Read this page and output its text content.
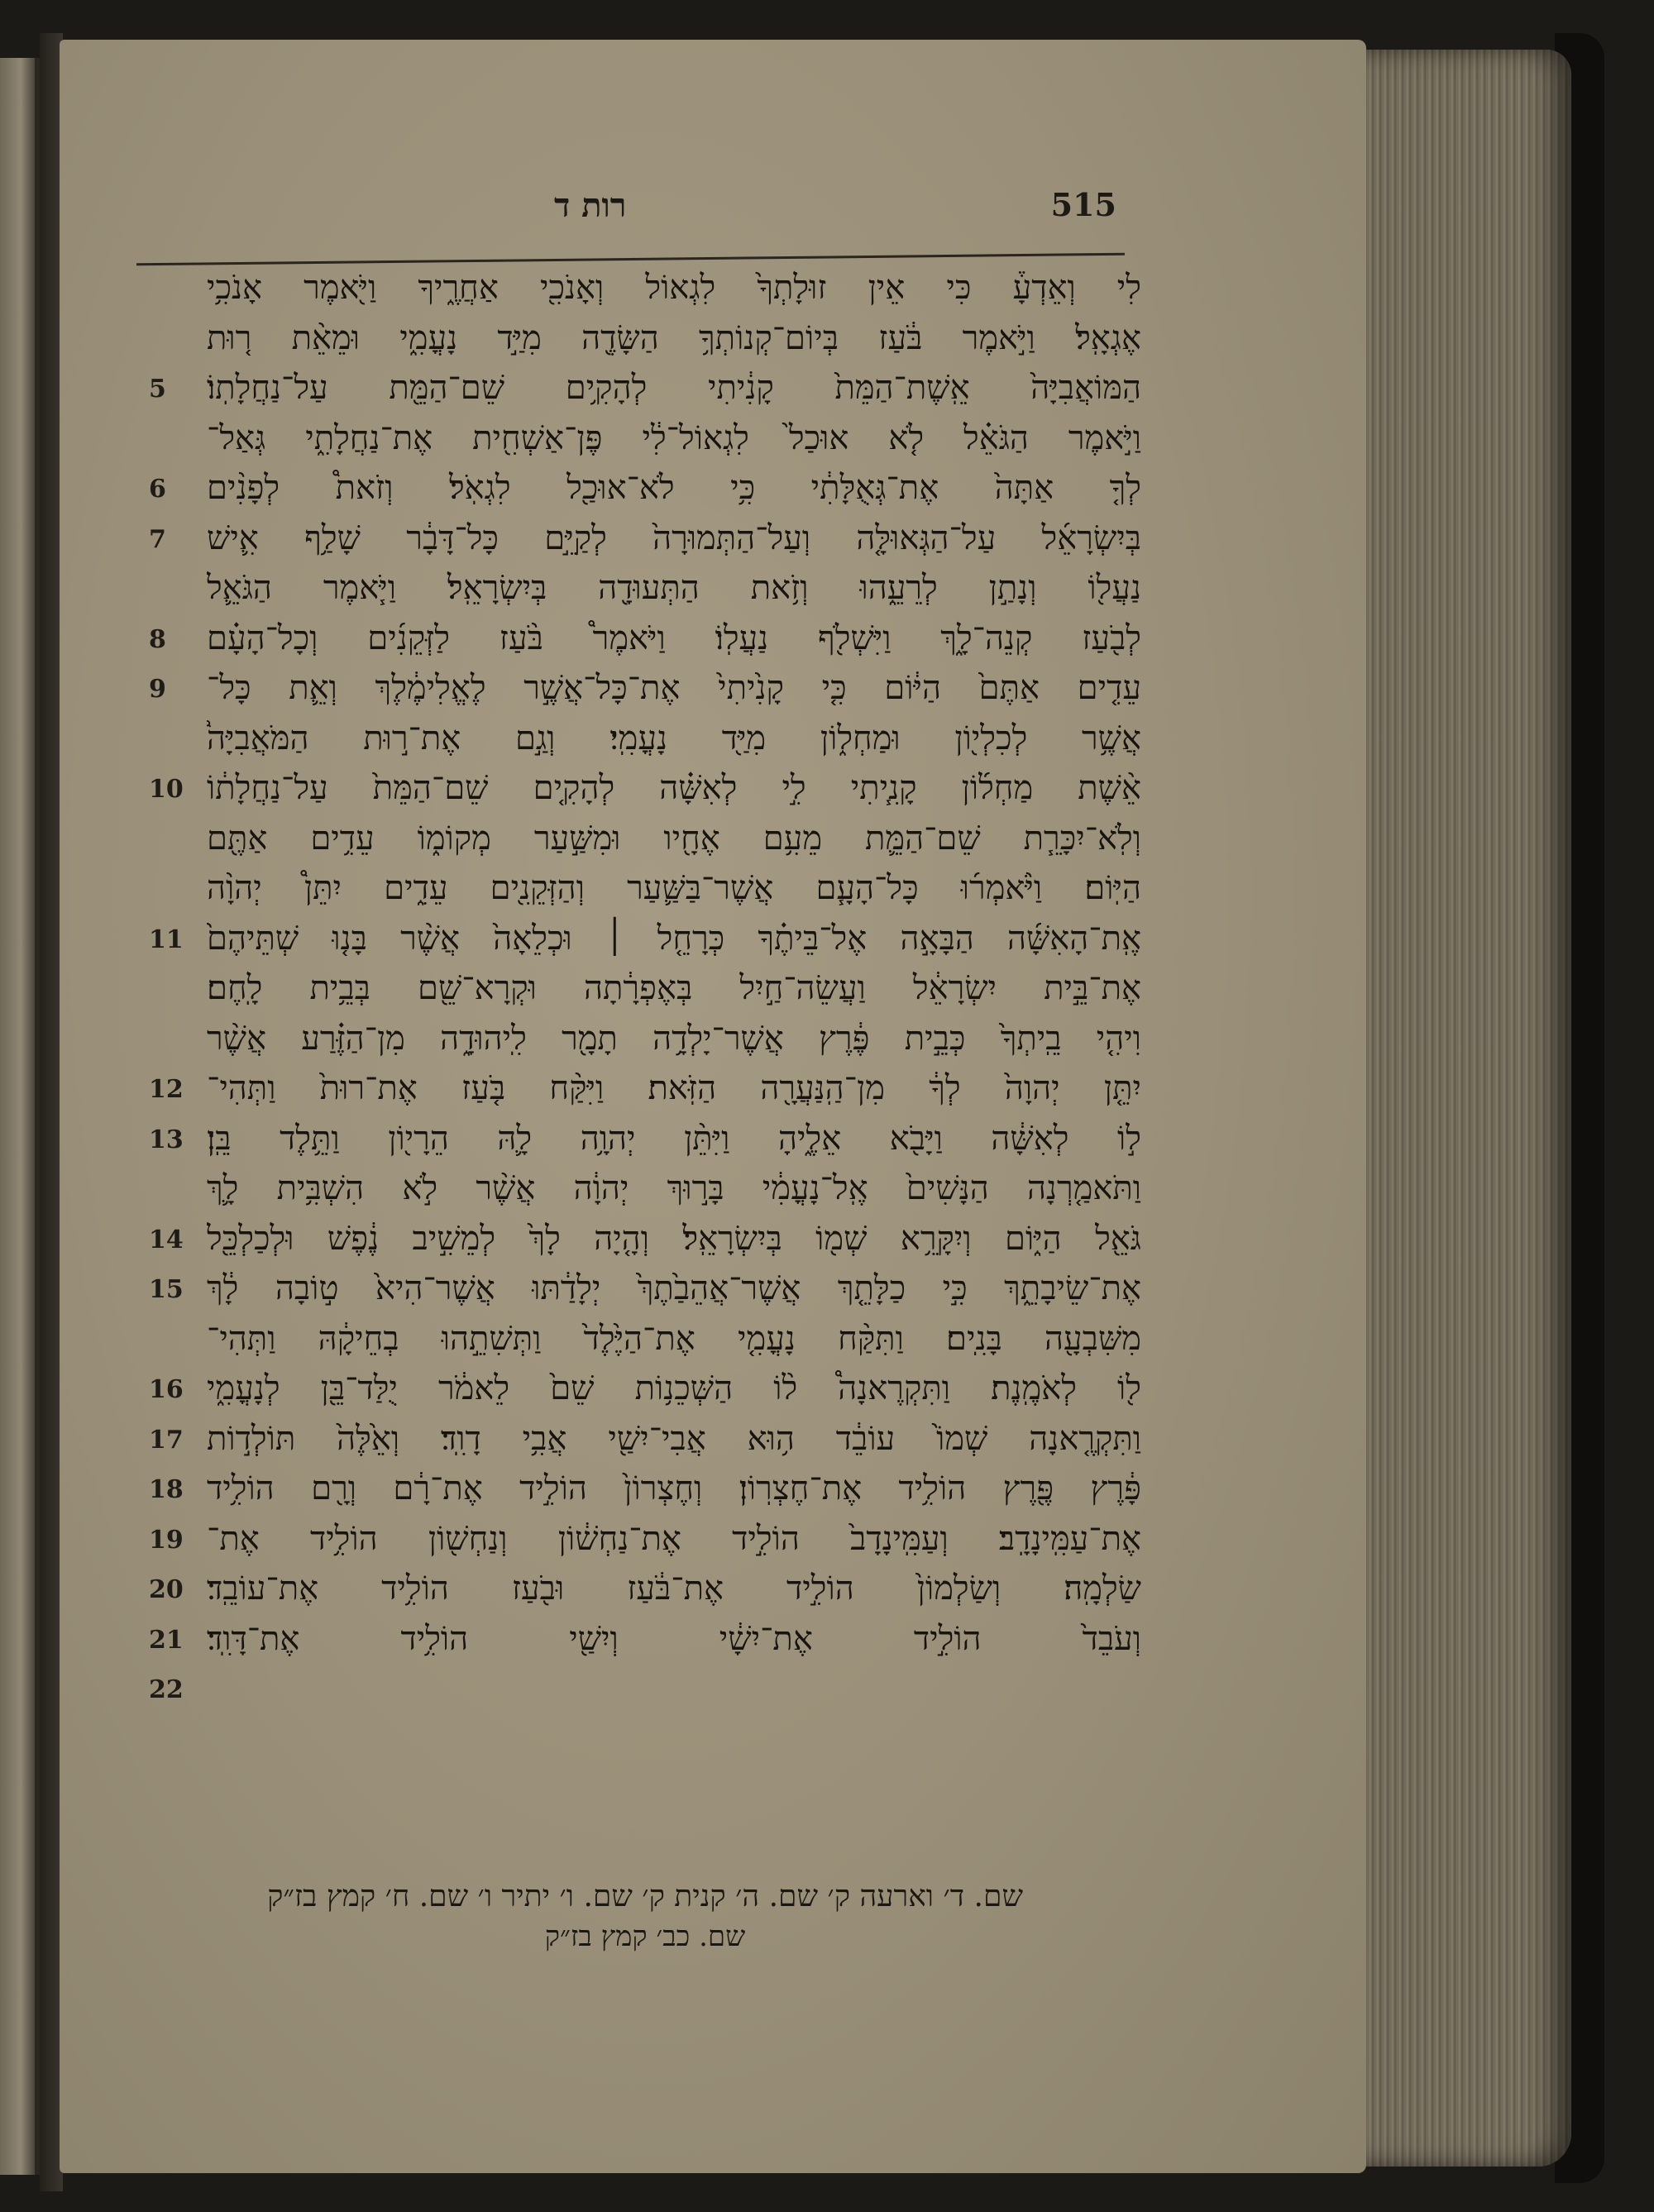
רות ד	515
לִי וְאֵדְעָ֒ כִּי אֵין זוּלָתְךָ֙ לִגְאוֹל וְאָנֹכִ֖י אַחֲרֶ֑יךָ וַיֹּ֖אמֶר אָנֹכִ֥י
אֶגְאָֽל׃ וַיֹּ֣אמֶר בֹּ֔עַז בְּיוֹם־קְנוֹתְךָ֥ הַשָּׂדֶ֖ה מִיַּ֣ד נָעֳמִ֑י וּמֵאֵ֨ת ר֤וּת
5	הַמּוֹאֲבִיָּה֙ אֵֽשֶׁת־הַמֵּת֙ קָנִ֔יתִי לְהָקִ֥ים שֵׁם־הַמֵּ֖ת עַל־נַחֲלָתֽוֹ׃
וַיֹּ֣אמֶר הַגֹּאֵ֗ל לֹ֤א אוּכַל֙ לִגְאוֹל־לִ֔י פֶּן־אַשְׁחִ֖ית אֶת־נַחֲלָתִ֑י גְּאַל־
6	לְךָ֤ אַתָּה֙ אֶת־גְּאֻלָּתִ֔י כִּ֥י לֹא־אוּכַ֖ל לִגְאֹֽל׃ וְזֹאת֩ לְפָנִ֨ים
7	בְּיִשְׂרָאֵ֜ל עַל־הַגְּאוּלָּ֤ה וְעַל־הַתְּמוּרָה֙ לְקַיֵּ֣ם כָּל־דָּבָ֔ר שָׁלַ֥ף אִ֛ישׁ
נַעֲל֖וֹ וְנָתַ֣ן לְרֵעֵ֑הוּ וְזֹ֥את הַתְּעוּדָ֖ה בְּיִשְׂרָאֵֽל׃ וַיֹּ֧אמֶר הַגֹּאֵ֛ל
8	לְבֹ֖עַז קְנֵה־לָ֑ךְ וַיִּשְׁלֹ֖ף נַעֲלֽוֹ׃ וַיֹּאמֶר֩ בֹּ֨עַז לַזְּקֵנִ֜ים וְכָל־הָעָ֗ם
9	עֵדִ֤ים אַתֶּם֙ הַיּ֔וֹם כִּ֤י קָנִ֙יתִי֙ אֶת־כָּל־אֲשֶׁ֣ר לֶאֱלִימֶ֔לֶךְ וְאֵ֛ת כָּל־
אֲשֶׁ֥ר לְכִלְי֖וֹן וּמַחְל֑וֹן מִיַּ֖ד נָעֳמִֽי׃ וְגַ֣ם אֶת־ר֣וּת הַמֹּאֲבִיָּה֩
10 אֵ֨שֶׁת מַחְל֜וֹן קָנִ֧יתִי לִ֣י לְאִשָּׁ֗ה לְהָקִ֤ים שֵׁם־הַמֵּת֙ עַל־נַחֲלָת֔וֹ
וְלֹֽא־יִכָּרֵ֧ת שֵׁם־הַמֵּ֛ת מֵעִ֥ם אֶחָ֖יו וּמִשַּׁ֣עַר מְקוֹמ֑וֹ עֵדִ֥ים אַתֶּ֖ם
הַיּֽוֹם׃ וַיֹּ֨אמְר֜וּ כָּל־הָעָ֧ם אֲשֶׁר־בַּשַּׁ֛עַר וְהַזְּקֵנִ֖ים עֵדִ֑ים יִתֵּן֩ יְהוָ֨ה
11 אֶֽת־הָאִשָּׁ֜ה הַבָּאָ֣ה אֶל־בֵּיתֶ֗ךָ כְּרָחֵ֤ל ׀ וּכְלֵאָה֙ אֲשֶׁ֨ר בָּנ֤וּ שְׁתֵּיהֶם֙
אֶת־בֵּ֣ית יִשְׂרָאֵ֔ל וַעֲשֵׂה־חַ֣יִל בְּאֶפְרָ֔תָה וּקְרָא־שֵׁ֖ם בְּבֵ֥ית לָֽחֶם׃
וִיהִ֤י בֵֽיתְךָ֙ כְּבֵ֣ית פֶּ֔רֶץ אֲשֶׁר־יָלְדָ֥ה תָמָ֖ר לִֽיהוּדָ֑ה מִן־הַזֶּ֗רַע אֲשֶׁ֨ר
12 יִתֵּ֤ן יְהוָה֙ לְךָ֔ מִן־הַֽנַּעֲרָ֖ה הַזֹּֽאת׃ וַיִּקַּ֨ח בֹּ֤עַז אֶת־רוּת֙ וַתְּהִי־
13 ל֣וֹ לְאִשָּׁ֔ה וַיָּבֹ֖א אֵלֶ֑יהָ וַיִּתֵּ֨ן יְהוָ֥ה לָ֛הּ הֵרָי֖וֹן וַתֵּ֥לֶד בֵּֽן׃
וַתֹּאמַ֤רְנָה הַנָּשִׁים֙ אֶֽל־נָעֳמִ֔י בָּר֣וּךְ יְהוָ֔ה אֲשֶׁ֨ר לֹ֣א הִשְׁבִּ֥ית לָ֛ךְ
14 גֹּאֵ֖ל הַיּ֑וֹם וְיִקָּרֵ֥א שְׁמ֖וֹ בְּיִשְׂרָאֵֽל׃ וְהָ֤יָה לָךְ֙ לְמֵשִׁ֣יב נֶ֔פֶשׁ וּלְכַלְכֵּ֖ל
15 אֶת־שֵׂיבָתֵ֑ךְ כִּ֣י כַלָּתֵ֤ךְ אֲשֶׁר־אֲהֵבַ֙תֶךְ֙ יְלָדַ֔תּוּ אֲשֶׁר־הִיא֙ ט֣וֹבָה לָ֔ךְ
מִשִּׁבְעָ֖ה בָּנִֽים׃ וַתִּקַּ֨ח נָעֳמִ֤י אֶת־הַיֶּ֙לֶד֙ וַתְּשִׁתֵ֣הוּ בְחֵיקָ֔הּ וַתְּהִי־
16 ל֖וֹ לְאֹמֶֽנֶת׃ וַתִּקְרֶאנָה֩ ל֨וֹ הַשְּׁכֵנ֥וֹת שֵׁם֙ לֵאמֹ֔ר יֻלַּד־בֵּ֖ן לְנָעֳמִ֑י
17 וַתִּקְרֶ֤אנָה שְׁמוֹ֙ עוֹבֵ֔ד ה֥וּא אֲבִי־יִשַׁ֖י אֲבִ֥י דָוִֽד׃ וְאֵ֙לֶּה֙ תּוֹלְד֣וֹת
18 פָּ֔רֶץ פֶּ֖רֶץ הוֹלִ֥יד אֶת־חֶצְרֽוֹן׃ וְחֶצְרוֹן֙ הוֹלִ֣יד אֶת־רָ֔ם וְרָ֖ם הוֹלִ֥יד
19 אֶת־עַמִּֽינָדָֽב׃ וְעַמִּֽינָדָב֙ הוֹלִ֣יד אֶת־נַחְשׁ֔וֹן וְנַחְשׁ֖וֹן הוֹלִ֥יד אֶת־
20 שַׂלְמָֽה׃ וְשַׂלְמוֹן֙ הוֹלִ֣יד אֶת־בֹּ֔עַז וּבֹ֖עַז הוֹלִ֥יד אֶת־עוֹבֵֽד׃
21 וְעֹבֵד֙ הוֹלִ֣יד אֶת־יִשָׁ֔י וְיִשַׁ֖י הוֹלִ֥יד אֶת־דָּוִֽד׃
22
שם. ד׳ וארעה ק׳ שם. ה׳ קנית ק׳ שם. ו׳ יתיר ו׳ שם. ח׳ קמץ בז״ק
שם. כב׳ קמץ בז״ק
